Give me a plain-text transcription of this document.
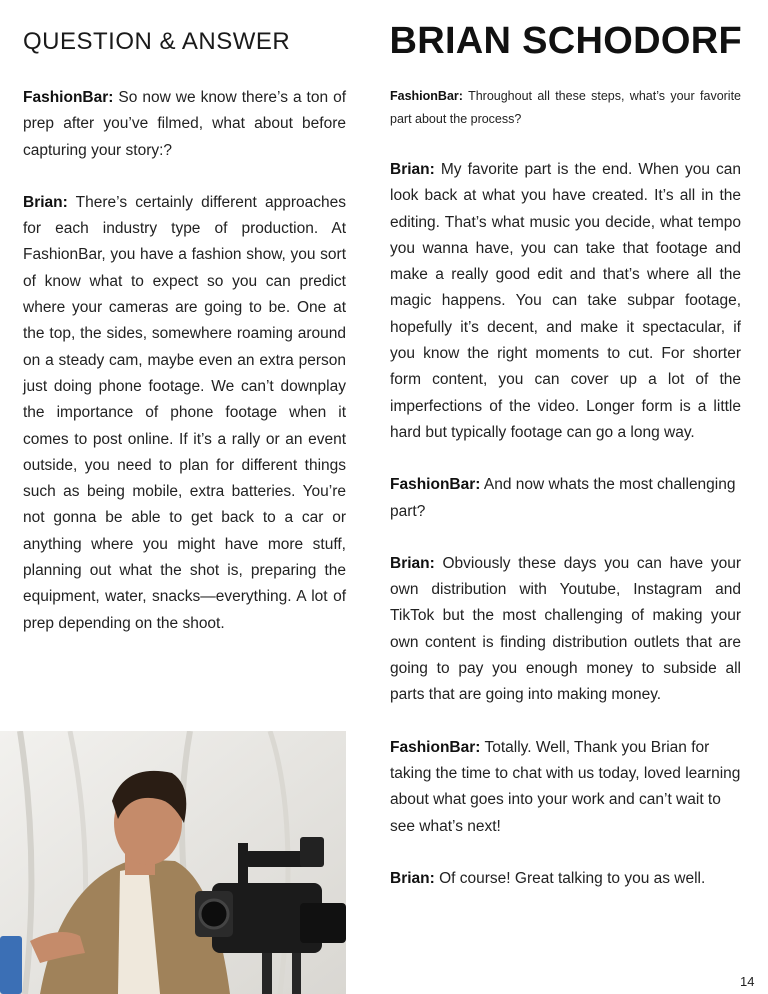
QUESTION & ANSWER	BRIAN SCHODORF

FashionBar: So now we know there’s a ton of prep after you’ve filmed, what about before capturing your story:?

Brian: There’s certainly different approaches for each industry type of production. At FashionBar, you have a fashion show, you sort of know what to expect so you can predict where your cameras are going to be. One at the top, the sides, somewhere roaming around on a steady cam, maybe even an extra person just doing phone footage. We can’t downplay the importance of phone footage when it comes to post online. If it’s a rally or an event outside, you need to plan for different things such as being mobile, extra batteries. You’re not gonna be able to get back to a car or anything where you might have more stuff, planning out what the shot is, preparing the equipment, water, snacks—everything. A lot of prep depending on the shoot.

FashionBar: Throughout all these steps, what’s your favorite part about the process?

Brian: My favorite part is the end. When you can look back at what you have created. It’s all in the editing. That’s what music you decide, what tempo you wanna have, you can take that footage and make a really good edit and that’s where all the magic happens. You can take subpar footage, hopefully it’s decent, and make it spectacular, if you know the right moments to cut. For shorter form content, you can cover up a lot of the imperfections of the video. Longer form is a little hard but typically footage can go a long way.

FashionBar: And now whats the most challenging part?

Brian: Obviously these days you can have your own distribution with Youtube, Instagram and TikTok but the most challenging of making your own content is finding distribution outlets that are going to pay you enough money to subside all parts that are going into making money.

FashionBar: Totally. Well, Thank you Brian for taking the time to chat with us today, loved learning about what goes into your work and can’t wait to see what’s next!

Brian: Of course! Great talking to you as well.

14
